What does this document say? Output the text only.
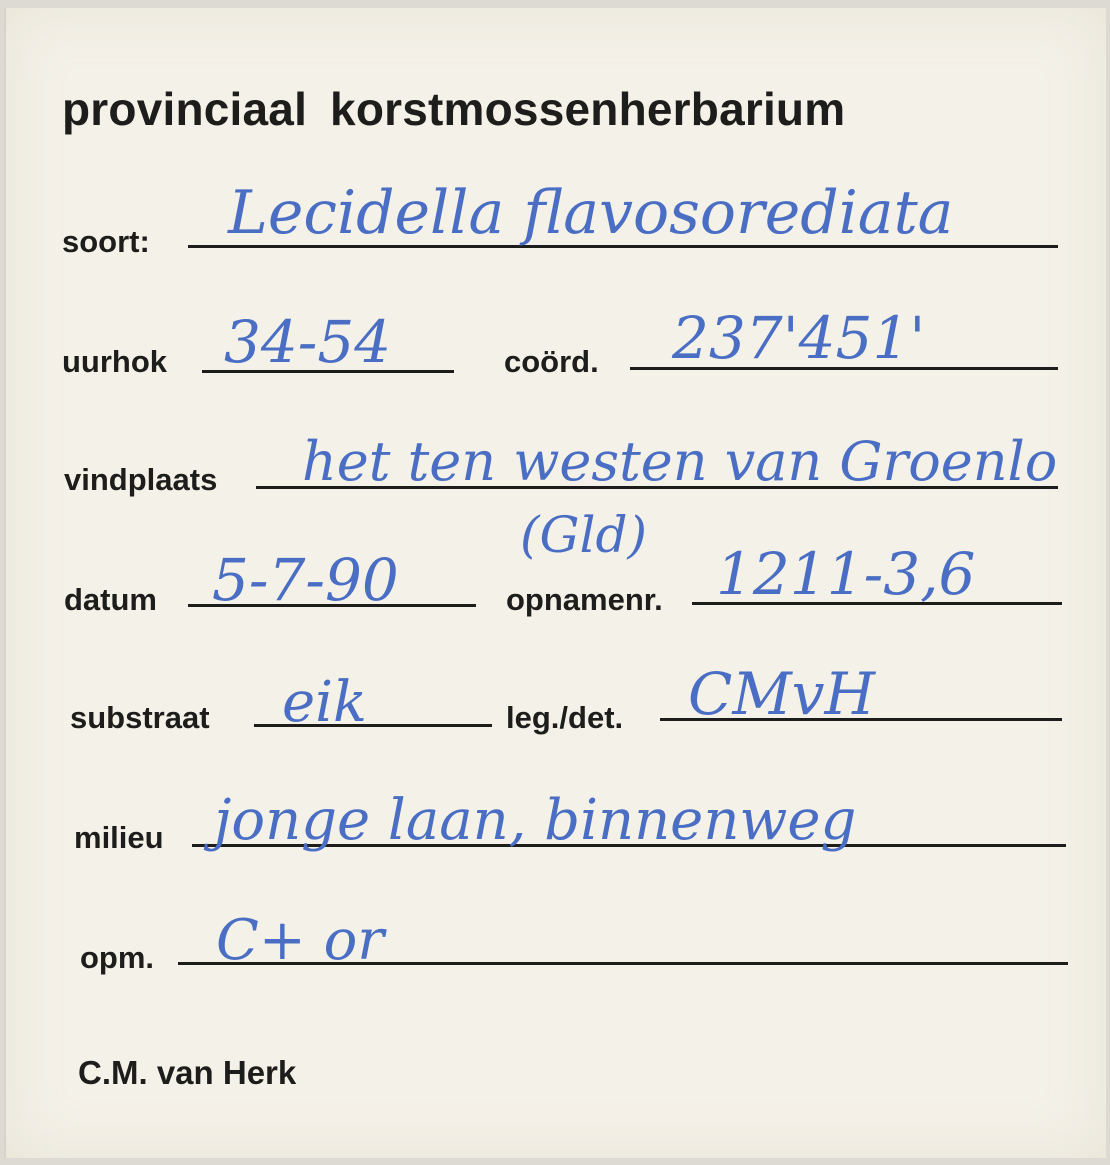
provinciaal korstmossenherbarium
soort: Lecidella flavosorediata
uurhok 34-54	coörd. 237'451'
vindplaats het ten westen van Groenlo
(Gld)
datum 5-7-90	opnamenr. 1211-3,6
substraat eik	leg./det. CMvH
milieu jonge laan, binnenweg
opm. C+ or
C.M. van Herk
